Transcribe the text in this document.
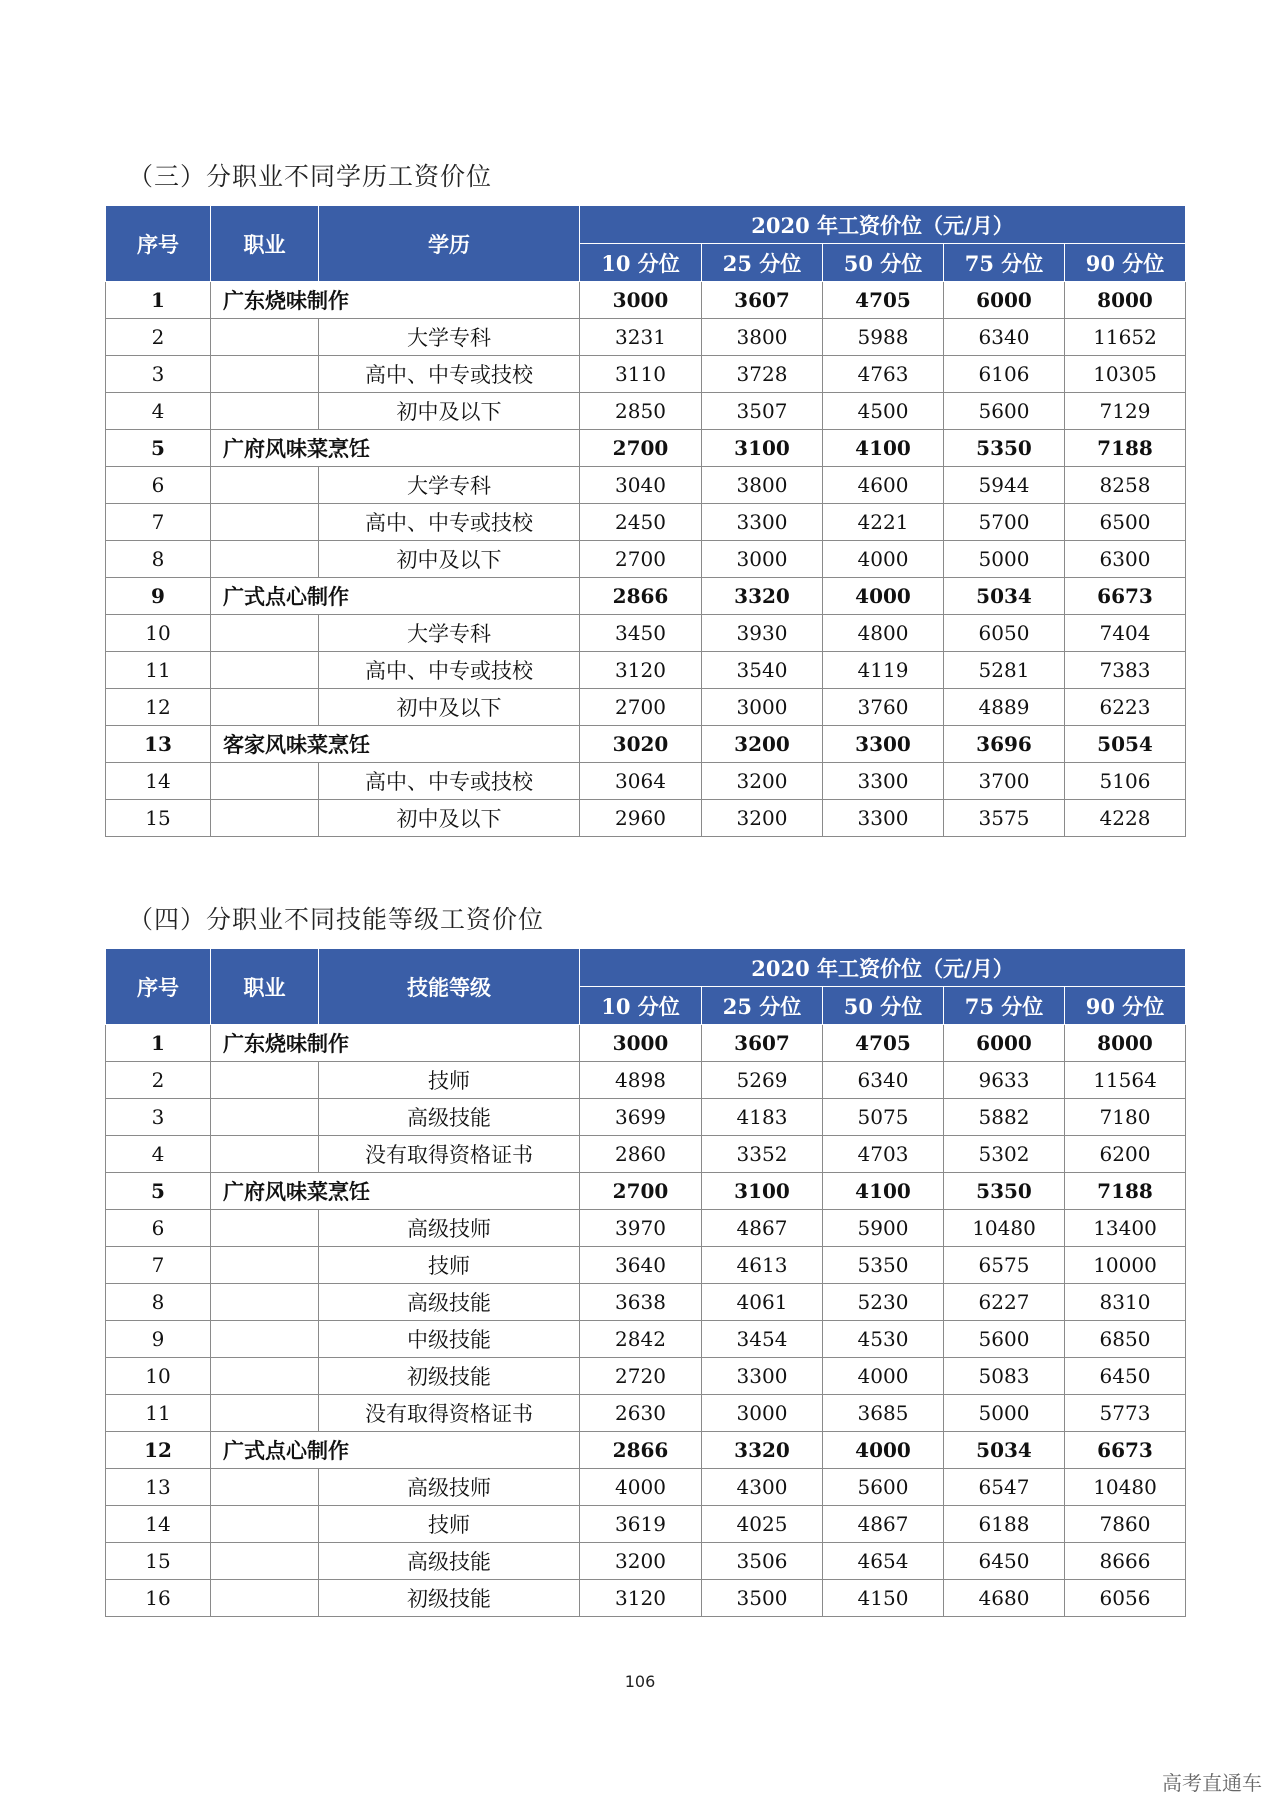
（三）分职业不同学历工资价位
序号	职业	学历	2020 年工资价位（元/月）				
			10 分位	25 分位	50 分位	75 分位	90 分位
1	广东烧味制作		3000	3607	4705	6000	8000
2		大学专科	3231	3800	5988	6340	11652
3		高中、中专或技校	3110	3728	4763	6106	10305
4		初中及以下	2850	3507	4500	5600	7129
5	广府风味菜烹饪		2700	3100	4100	5350	7188
6		大学专科	3040	3800	4600	5944	8258
7		高中、中专或技校	2450	3300	4221	5700	6500
8		初中及以下	2700	3000	4000	5000	6300
9	广式点心制作		2866	3320	4000	5034	6673
10		大学专科	3450	3930	4800	6050	7404
11		高中、中专或技校	3120	3540	4119	5281	7383
12		初中及以下	2700	3000	3760	4889	6223
13	客家风味菜烹饪		3020	3200	3300	3696	5054
14		高中、中专或技校	3064	3200	3300	3700	5106
15		初中及以下	2960	3200	3300	3575	4228
（四）分职业不同技能等级工资价位
序号	职业	技能等级	2020 年工资价位（元/月）				
			10 分位	25 分位	50 分位	75 分位	90 分位
1	广东烧味制作		3000	3607	4705	6000	8000
2		技师	4898	5269	6340	9633	11564
3		高级技能	3699	4183	5075	5882	7180
4		没有取得资格证书	2860	3352	4703	5302	6200
5	广府风味菜烹饪		2700	3100	4100	5350	7188
6		高级技师	3970	4867	5900	10480	13400
7		技师	3640	4613	5350	6575	10000
8		高级技能	3638	4061	5230	6227	8310
9		中级技能	2842	3454	4530	5600	6850
10		初级技能	2720	3300	4000	5083	6450
11		没有取得资格证书	2630	3000	3685	5000	5773
12	广式点心制作		2866	3320	4000	5034	6673
13		高级技师	4000	4300	5600	6547	10480
14		技师	3619	4025	4867	6188	7860
15		高级技能	3200	3506	4654	6450	8666
16		初级技能	3120	3500	4150	4680	6056
106
高考直通车
